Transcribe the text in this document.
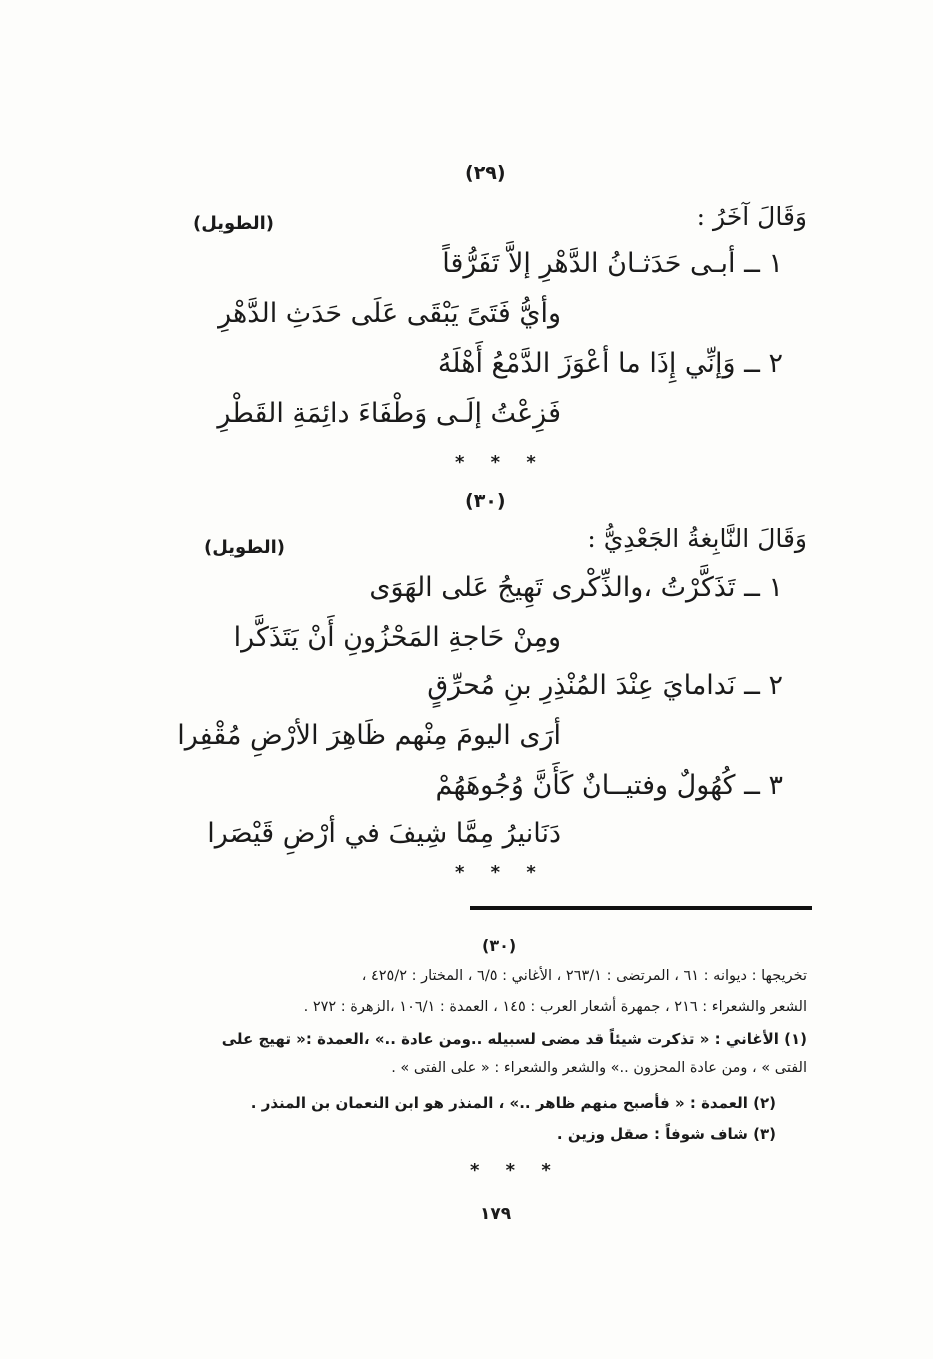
(٢٩)
وَقَالَ آخَرُ :
(الطويل)
١ ــ أبـى حَدَثـانُ الدَّهْرِ إلاَّ تَفَرُّقاً
وأيُّ فَتَىً يَبْقَى عَلَى حَدَثِ الدَّهْرِ
٢ ــ وَإنِّي إِذَا ما أعْوَزَ الدَّمْعُ أَهْلَهُ
فَزِعْتُ إلَـى وَطْفَاءَ دائِمَةِ القَطْرِ
* * *
(٣٠)
وَقَالَ النَّابِغةُ الجَعْدِيُّ :
(الطويل)
١ ــ تَذَكَّرْتُ ،والذِّكْرى تَهِيجُ عَلى الهَوَى
ومِنْ حَاجةِ المَحْزُونِ أَنْ يَتَذَكَّرا
٢ ــ نَدامايَ عِنْدَ المُنْذِرِ بنِ مُحرِّقٍ
أرَى اليومَ مِنْهم ظَاهِرَ الأرْضِ مُقْفِرا
٣ ــ كُهُولٌ وفتيــانٌ كَأَنَّ وُجُوهَهُمْ
دَنَانيرُ مِمَّا شِيفَ في أرْضِ قَيْصَرا
* * *
(٣٠)
تخريجها : ديوانه : ٦١ ، المرتضى : ٢٦٣/١ ، الأغاني : ٦/٥ ، المختار : ٤٢٥/٢ ،
الشعر والشعراء : ٢١٦ ، جمهرة أشعار العرب : ١٤٥ ، العمدة : ١٠٦/١ ،الزهرة : ٢٧٢ .
(١) الأغاني : « تذكرت شيئاً قد مضى لسبيله ..ومن عادة ..» ،العمدة :« تهيج على
الفتى » ، ومن عادة المحزون ..» والشعر والشعراء : « على الفتى » .
(٢) العمدة : « فأصبح منهم ظاهر ..» ، المنذر هو ابن النعمان بن المنذر .
(٣) شاف شوفاً : صقل وزين .
* * *
١٧٩
